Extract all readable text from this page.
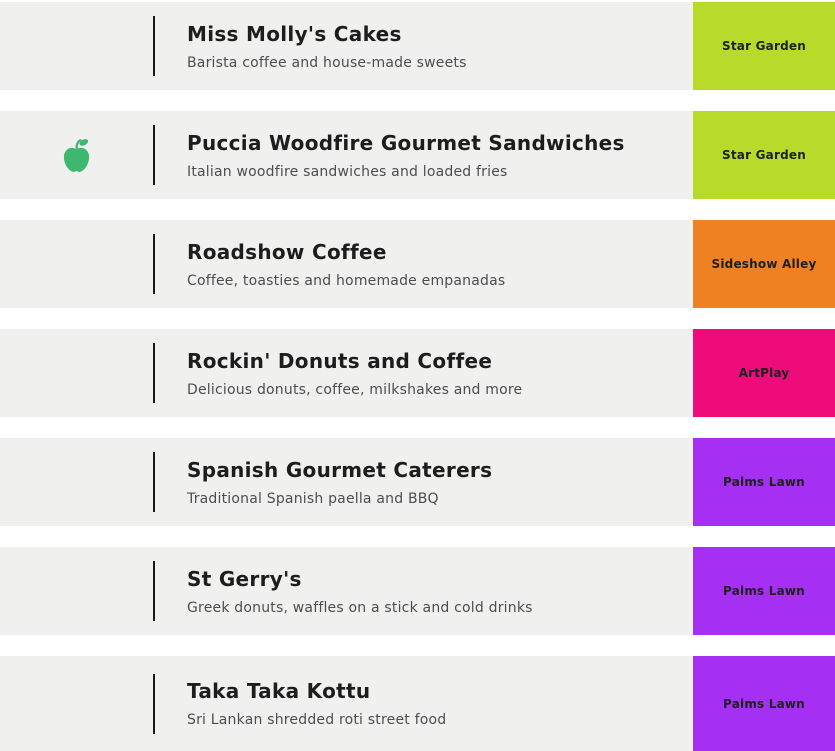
Miss Molly's Cakes
Barista coffee and house-made sweets
Star Garden
Puccia Woodfire Gourmet Sandwiches
Italian woodfire sandwiches and loaded fries
Star Garden
Roadshow Coffee
Coffee, toasties and homemade empanadas
Sideshow Alley
Rockin' Donuts and Coffee
Delicious donuts, coffee, milkshakes and more
ArtPlay
Spanish Gourmet Caterers
Traditional Spanish paella and BBQ
Palms Lawn
St Gerry's
Greek donuts, waffles on a stick and cold drinks
Palms Lawn
Taka Taka Kottu
Sri Lankan shredded roti street food
Palms Lawn
